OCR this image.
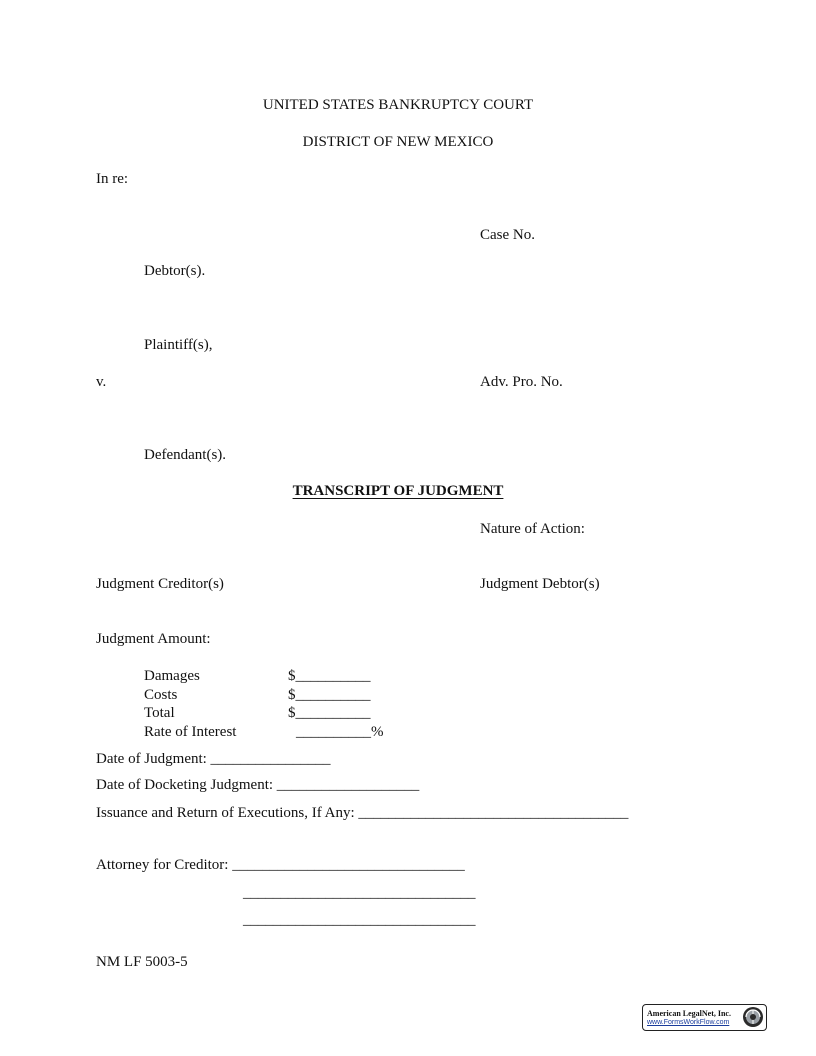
UNITED STATES BANKRUPTCY COURT
DISTRICT OF NEW MEXICO
In re:
Case No.
Debtor(s).
Plaintiff(s),
v.	Adv. Pro. No.
Defendant(s).
TRANSCRIPT OF JUDGMENT
Nature of Action:
Judgment Creditor(s)	Judgment Debtor(s)
Judgment Amount:
Damages	$__________
Costs	$__________
Total	$__________
Rate of Interest	__________%
Date of Judgment: ________________
Date of Docketing Judgment: ___________________
Issuance and Return of Executions, If Any: ____________________________________
Attorney for Creditor: _______________________________
_______________________________
_______________________________
NM LF 5003-5
American LegalNet, Inc.
www.FormsWorkFlow.com
